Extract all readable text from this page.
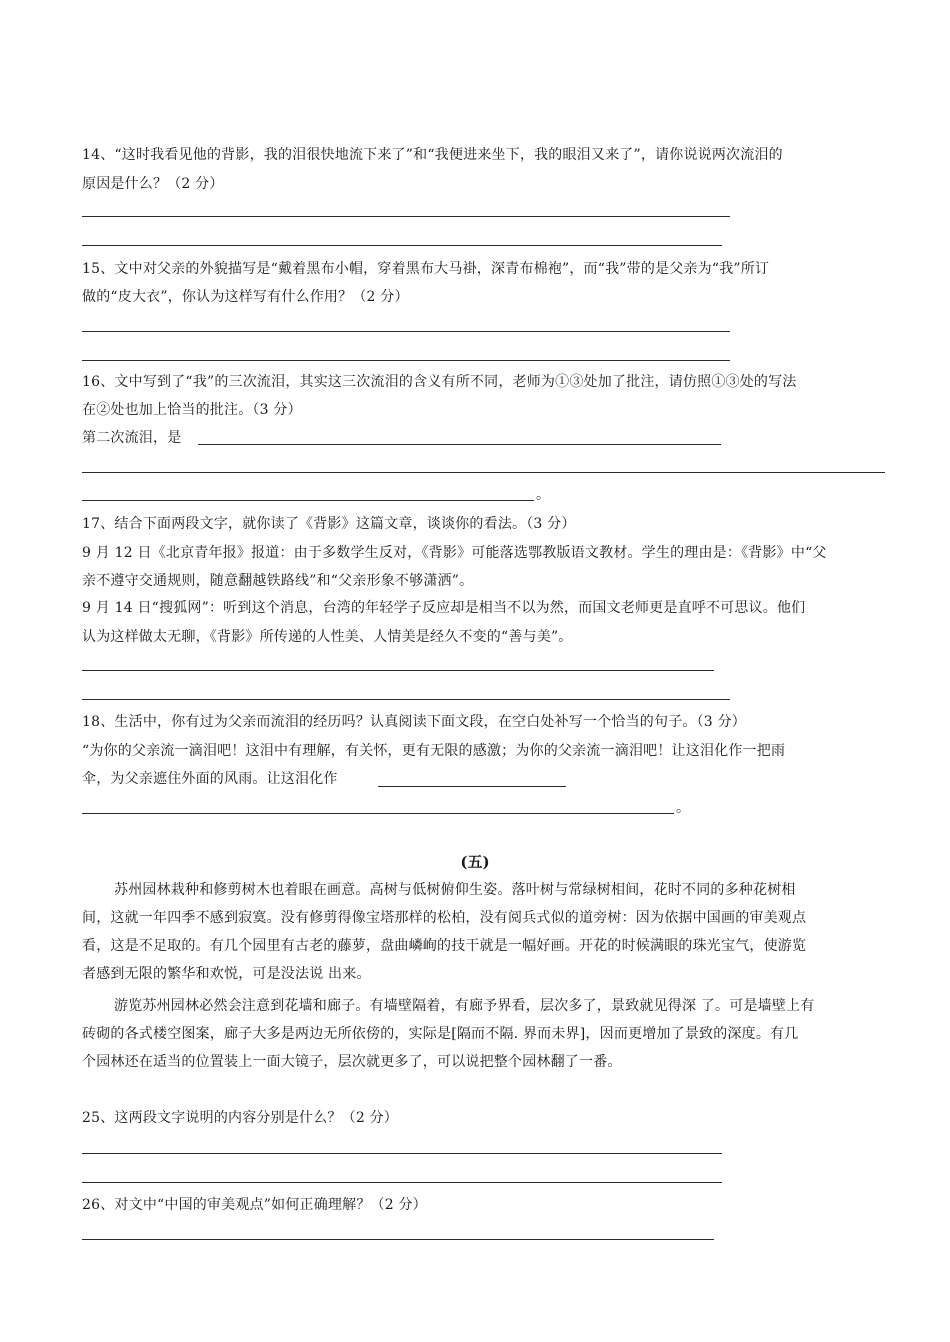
14、“这时我看见他的背影，我的泪很快地流下来了”和“我便进来坐下，我的眼泪又来了”，请你说说两次流泪的
原因是什么？（2 分）
15、文中对父亲的外貌描写是“戴着黑布小帽，穿着黑布大马褂，深青布棉袍”，而“我”带的是父亲为“我”所订
做的“皮大衣”，你认为这样写有什么作用？（2 分）
16、文中写到了“我”的三次流泪，其实这三次流泪的含义有所不同，老师为①③处加了批注，请仿照①③处的写法
在②处也加上恰当的批注。（3 分）
第二次流泪，是
。
17、结合下面两段文字，就你读了《背影》这篇文章，谈谈你的看法。（3 分）
9 月 12 日《北京青年报》报道：由于多数学生反对，《背影》可能落选鄂教版语文教材。学生的理由是：《背影》中“父
亲不遵守交通规则，随意翻越铁路线”和“父亲形象不够潇洒”。
9 月 14 日“搜狐网”：听到这个消息，台湾的年轻学子反应却是相当不以为然，而国文老师更是直呼不可思议。他们
认为这样做太无聊，《背影》所传递的人性美、人情美是经久不变的“善与美”。
18、生活中，你有过为父亲而流泪的经历吗？认真阅读下面文段，在空白处补写一个恰当的句子。（3 分）
“为你的父亲流一滴泪吧！这泪中有理解，有关怀，更有无限的感激；为你的父亲流一滴泪吧！让这泪化作一把雨
伞，为父亲遮住外面的风雨。让这泪化作
。
(五)
苏州园林栽种和修剪树木也着眼在画意。高树与低树俯仰生姿。落叶树与常绿树相间，花时不同的多种花树相
间，这就一年四季不感到寂寞。没有修剪得像宝塔那样的松柏，没有阅兵式似的道旁树：因为依据中国画的审美观点
看，这是不足取的。有几个园里有古老的藤萝，盘曲嶙峋的技干就是一幅好画。开花的时候满眼的珠光宝气，使游览
者感到无限的繁华和欢悦，可是没法说 出来。
游览苏州园林必然会注意到花墙和廊子。有墙壁隔着，有廊予界看，层次多了，景致就见得深 了。可是墙壁上有
砖砌的各式楼空图案，廊子大多是两边无所依傍的，实际是[隔而不隔. 界而未界]，因而更增加了景致的深度。有几
个园林还在适当的位置装上一面大镜子，层次就更多了，可以说把整个园林翻了一番。
25、这两段文字说明的内容分别是什么？（2 分）
26、对文中“中国的审美观点”如何正确理解？（2 分）
